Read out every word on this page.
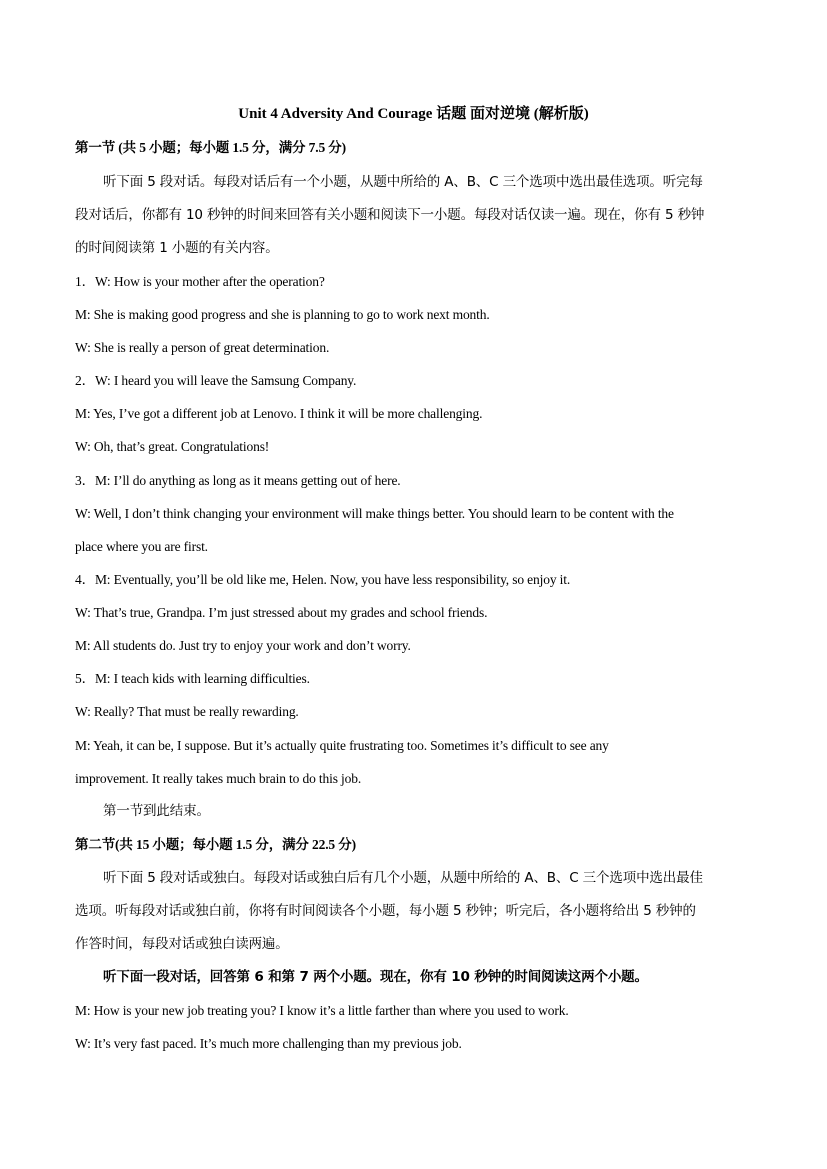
Unit 4 Adversity And Courage 话题 面对逆境 (解析版)
第一节 (共 5 小题；每小题 1.5 分，满分 7.5 分)
听下面 5 段对话。每段对话后有一个小题，从题中所给的 A、B、C 三个选项中选出最佳选项。听完每
段对话后，你都有 10 秒钟的时间来回答有关小题和阅读下一小题。每段对话仅读一遍。现在，你有 5 秒钟
的时间阅读第 1 小题的有关内容。
1．W: How is your mother after the operation?
M: She is making good progress and she is planning to go to work next month.
W: She is really a person of great determination.
2．W: I heard you will leave the Samsung Company.
M: Yes, I’ve got a different job at Lenovo. I think it will be more challenging.
W: Oh, that’s great. Congratulations!
3．M: I’ll do anything as long as it means getting out of here.
W: Well, I don’t think changing your environment will make things better. You should learn to be content with the
place where you are first.
4．M: Eventually, you’ll be old like me, Helen. Now, you have less responsibility, so enjoy it.
W: That’s true, Grandpa. I’m just stressed about my grades and school friends.
M: All students do. Just try to enjoy your work and don’t worry.
5．M: I teach kids with learning difficulties.
W: Really? That must be really rewarding.
M: Yeah, it can be, I suppose. But it’s actually quite frustrating too. Sometimes it’s difficult to see any
improvement. It really takes much brain to do this job.
第一节到此结束。
第二节(共 15 小题；每小题 1.5 分，满分 22.5 分)
听下面 5 段对话或独白。每段对话或独白后有几个小题，从题中所给的 A、B、C 三个选项中选出最佳
选项。听每段对话或独白前，你将有时间阅读各个小题，每小题 5 秒钟；听完后，各小题将给出 5 秒钟的
作答时间，每段对话或独白读两遍。
听下面一段对话，回答第 6 和第 7 两个小题。现在，你有 10 秒钟的时间阅读这两个小题。
M: How is your new job treating you? I know it’s a little farther than where you used to work.
W: It’s very fast paced. It’s much more challenging than my previous job.
